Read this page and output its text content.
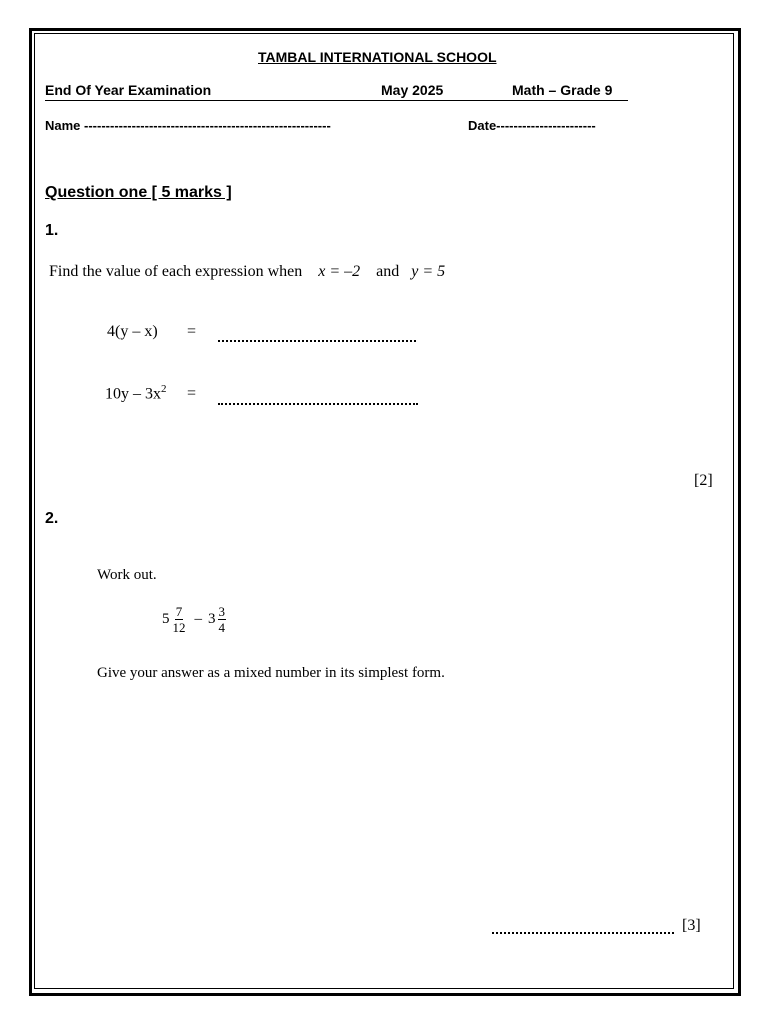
TAMBAL INTERNATIONAL SCHOOL
End Of Year Examination	May 2025	Math – Grade 9
Name ---------------------------------------------------------	Date-----------------------
Question one [ 5 marks ]
1.
Find the value of each expression when x = –2 and y = 5
4(y – x) =
$10y - 3x^2$ =
[2]
2.
Work out.
$5 \frac{7}{12} - 3 \frac{3}{4}$
Give your answer as a mixed number in its simplest form.
[3]
